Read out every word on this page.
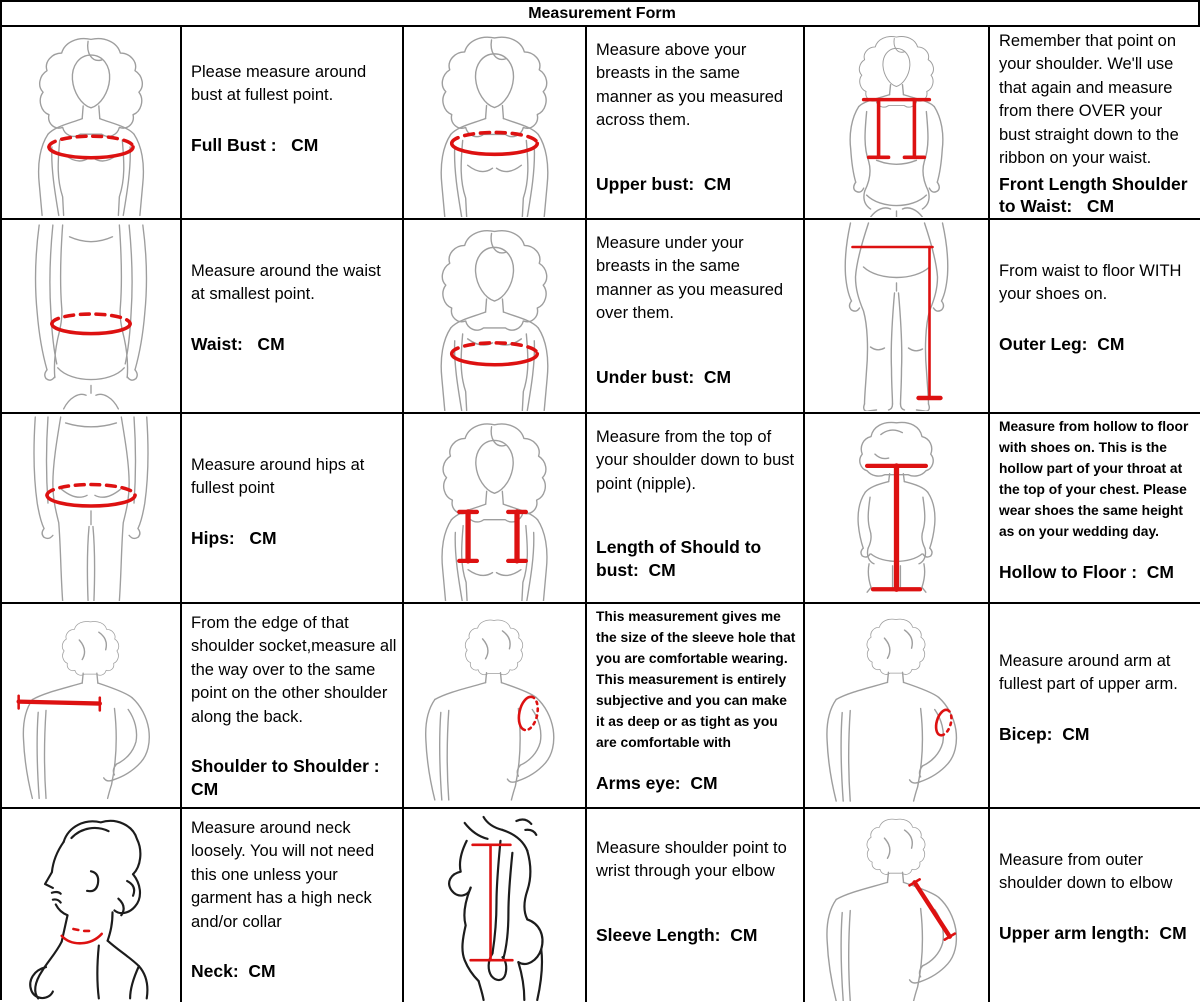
Measurement Form

Please measure around bust at fullest point.

Full Bust :   CM

Measure above your breasts in the same manner as you measured across them.

Upper bust:  CM

Remember that point on your shoulder. We'll use that again and measure from there OVER your bust straight down to the ribbon on your waist.

Front Length Shoulder to Waist:   CM

Measure around the waist at smallest point.

Waist:   CM

Measure under your breasts in the same manner as you measured over them.

Under bust:  CM

From waist to floor WITH your shoes on.

Outer Leg:  CM

Measure around hips at fullest point

Hips:   CM

Measure from the top of your shoulder down to bust point (nipple).

Length of Should to bust:  CM

Measure from hollow to floor with shoes on. This is the hollow part of your throat at the top of your chest. Please wear shoes the same height as on your wedding day.

Hollow to Floor :  CM

From the edge of that shoulder socket,measure all the way over to the same point on the other shoulder along the back.

Shoulder to Shoulder : CM

This measurement gives me the size of the sleeve hole that you are comfortable wearing. This measurement is entirely subjective and you can make it as deep or as tight as you are comfortable with

Arms eye:  CM

Measure around arm at fullest part of upper arm.

Bicep:  CM

Measure around neck loosely. You will not need this one unless your garment has a high neck and/or collar

Neck:  CM

Measure shoulder point to wrist through your elbow

Sleeve Length:  CM

Measure from outer shoulder down to elbow

Upper arm length:  CM
